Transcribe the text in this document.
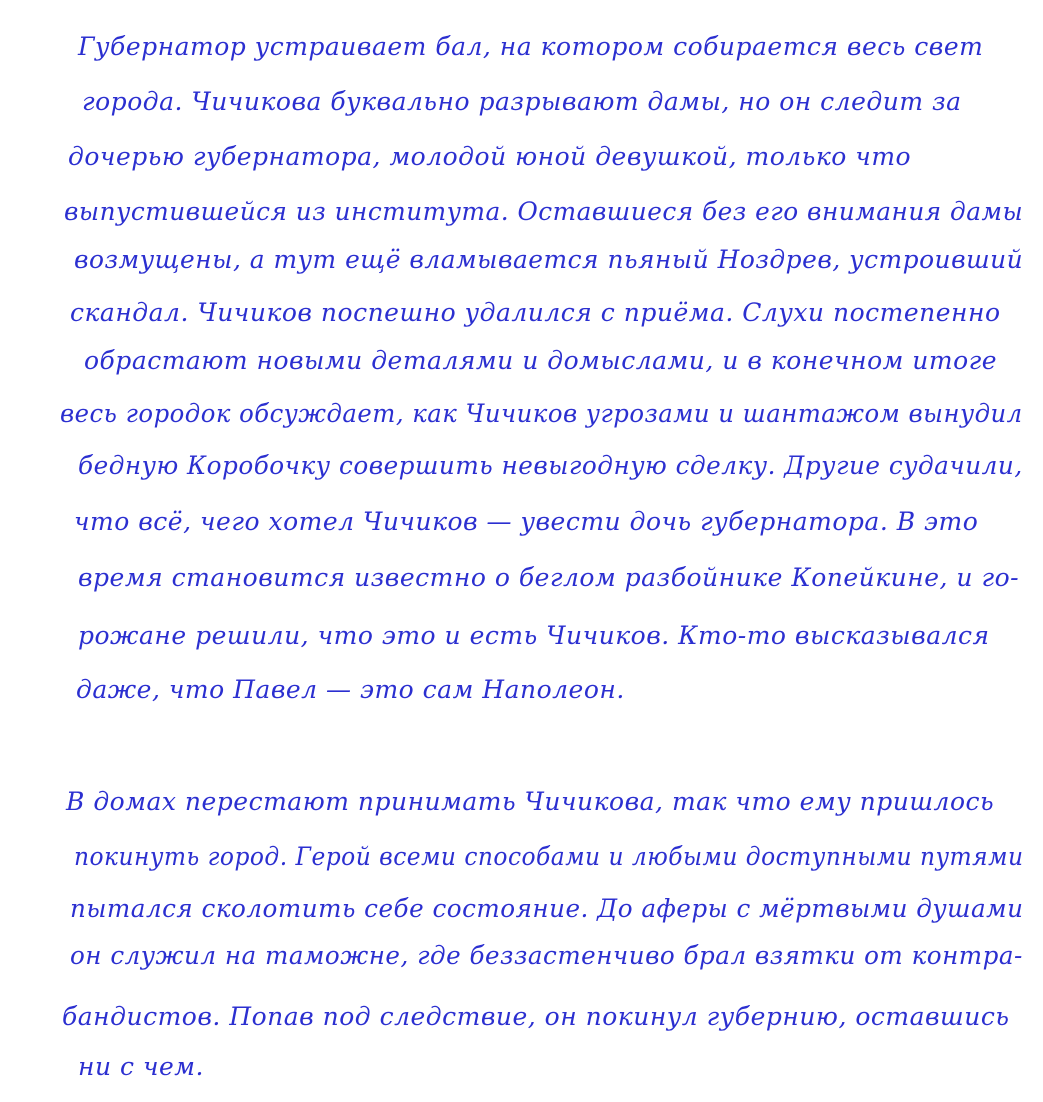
Губернатор устраивает бал, на котором собирается весь свет
города. Чичикова буквально разрывают дамы, но он следит за
дочерью губернатора, молодой юной девушкой, только что
выпустившейся из института. Оставшиеся без его внимания дамы
возмущены, а тут ещё вламывается пьяный Ноздрев, устроивший
скандал. Чичиков поспешно удалился с приёма. Слухи постепенно
обрастают новыми деталями и домыслами, и в конечном итоге
весь городок обсуждает, как Чичиков угрозами и шантажом вынудил
бедную Коробочку совершить невыгодную сделку. Другие судачили,
что всё, чего хотел Чичиков — увести дочь губернатора. В это
время становится известно о беглом разбойнике Копейкине, и го-
рожане решили, что это и есть Чичиков. Кто-то высказывался
даже, что Павел — это сам Наполеон.
В домах перестают принимать Чичикова, так что ему пришлось
покинуть город. Герой всеми способами и любыми доступными путями
пытался сколотить себе состояние. До аферы с мёртвыми душами
он служил на таможне, где беззастенчиво брал взятки от контра-
бандистов. Попав под следствие, он покинул губернию, оставшись
ни с чем.
